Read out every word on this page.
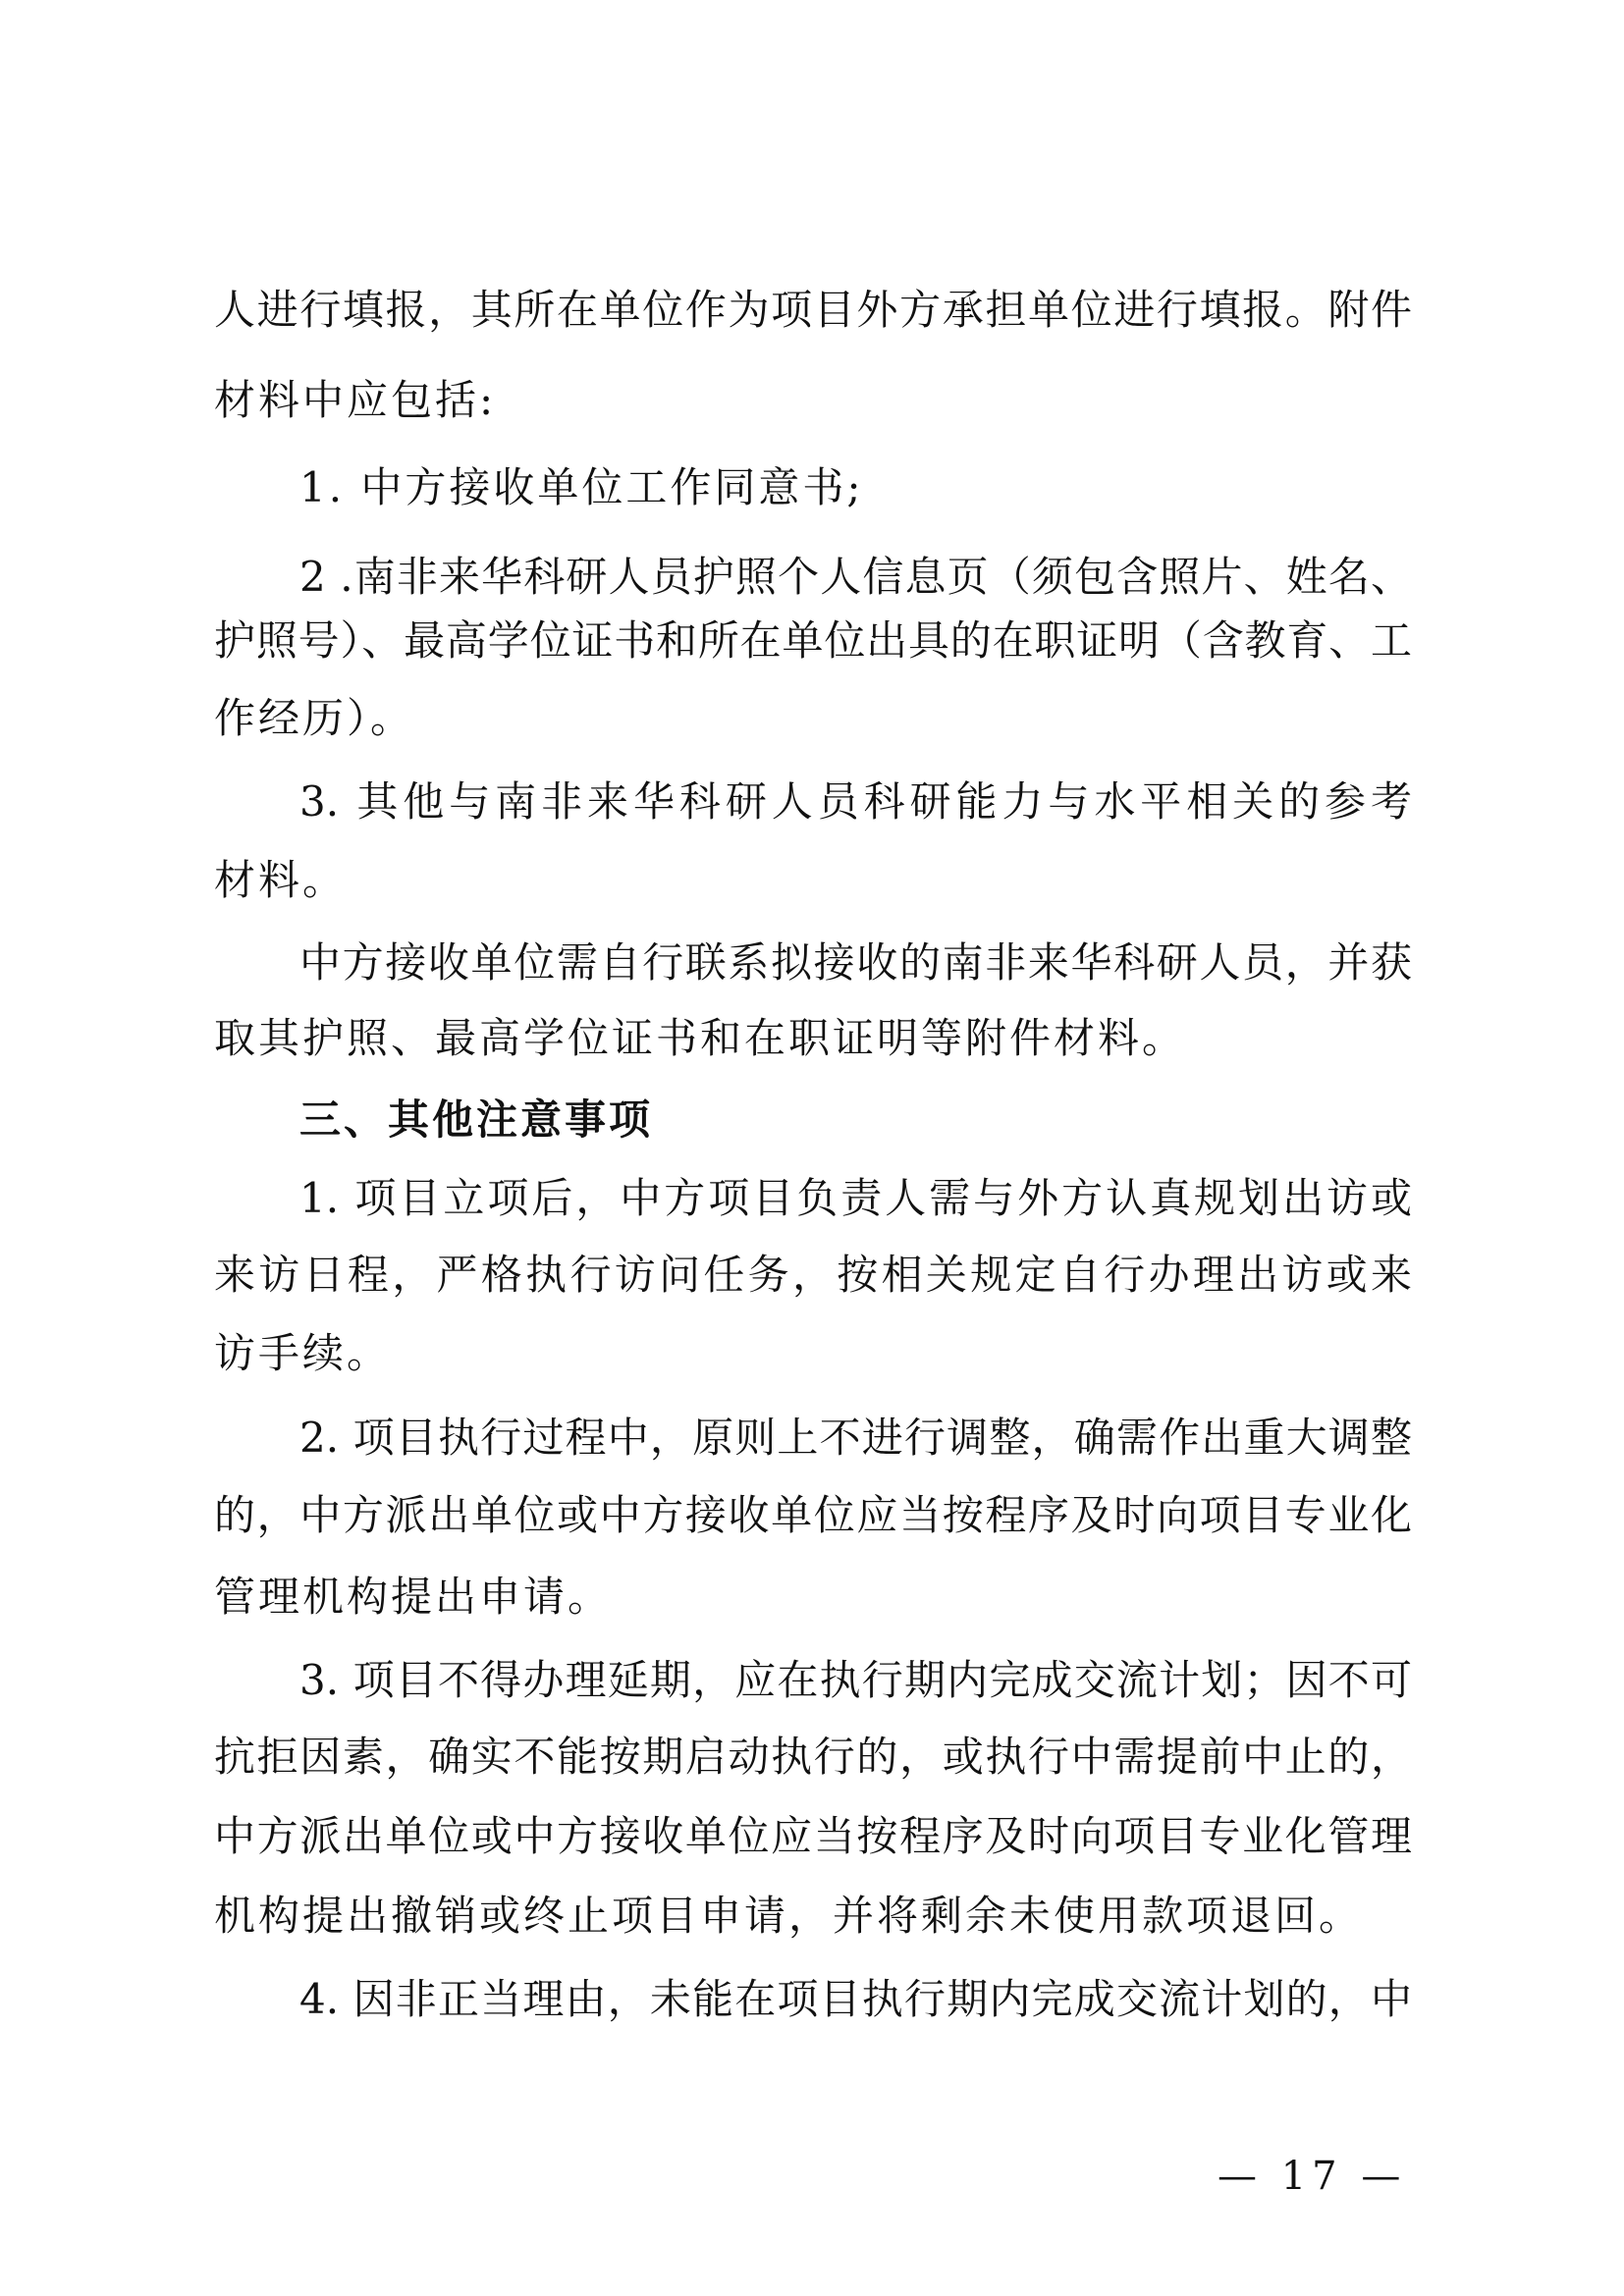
人进行填报，其所在单位作为项目外方承担单位进行填报。附件
材料中应包括:
1. 中方接收单位工作同意书;
2 .南非来华科研人员护照个人信息页（须包含照片、姓名、
护照号）、最高学位证书和所在单位出具的在职证明（含教育、工
作经历）。
3. 其他与南非来华科研人员科研能力与水平相关的参考
材料。
中方接收单位需自行联系拟接收的南非来华科研人员，并获
取其护照、最高学位证书和在职证明等附件材料。
三、其他注意事项
1. 项目立项后，中方项目负责人需与外方认真规划出访或
来访日程，严格执行访问任务，按相关规定自行办理出访或来
访手续。
2. 项目执行过程中，原则上不进行调整，确需作出重大调整
的，中方派出单位或中方接收单位应当按程序及时向项目专业化
管理机构提出申请。
3. 项目不得办理延期，应在执行期内完成交流计划；因不可
抗拒因素，确实不能按期启动执行的，或执行中需提前中止的，
中方派出单位或中方接收单位应当按程序及时向项目专业化管理
机构提出撤销或终止项目申请，并将剩余未使用款项退回。
4. 因非正当理由，未能在项目执行期内完成交流计划的，中
— 17 —
